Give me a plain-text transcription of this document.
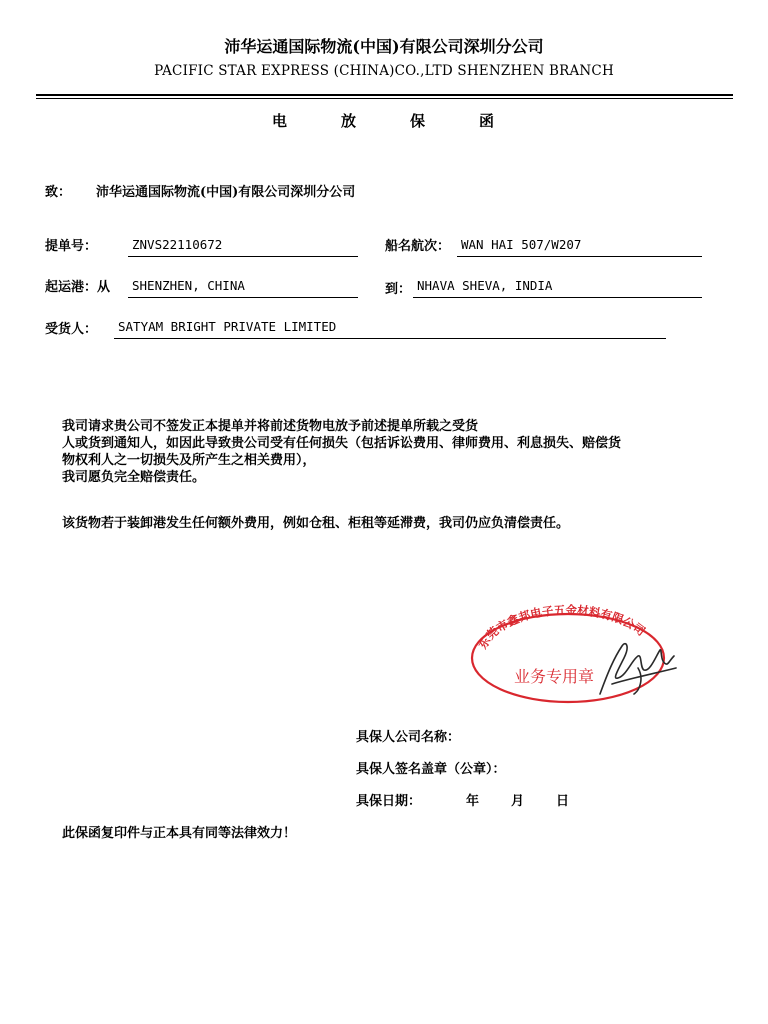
沛华运通国际物流(中国)有限公司深圳分公司
PACIFIC STAR EXPRESS (CHINA)CO.,LTD SHENZHEN BRANCH
电	放	保	函
致： 沛华运通国际物流(中国)有限公司深圳分公司
提单号：	ZNVS22110672	船名航次： WAN HAI 507/W207
起运港：从 SHENZHEN, CHINA	到： NHAVA SHEVA, INDIA
受货人： SATYAM BRIGHT PRIVATE LIMITED
我司请求贵公司不签发正本提单并将前述货物电放予前述提单所载之受货
人或货到通知人，如因此导致贵公司受有任何损失（包括诉讼费用、律师费用、利息损失、赔偿货
物权利人之一切损失及所产生之相关费用），
我司愿负完全赔偿责任。
该货物若于装卸港发生任何额外费用，例如仓租、柜租等延滞费，我司仍应负清偿责任。
东莞市鑫邦电子五金材料有限公司
业务专用章
具保人公司名称：
具保人签名盖章（公章）：
具保日期：	年 月 日
此保函复印件与正本具有同等法律效力！
